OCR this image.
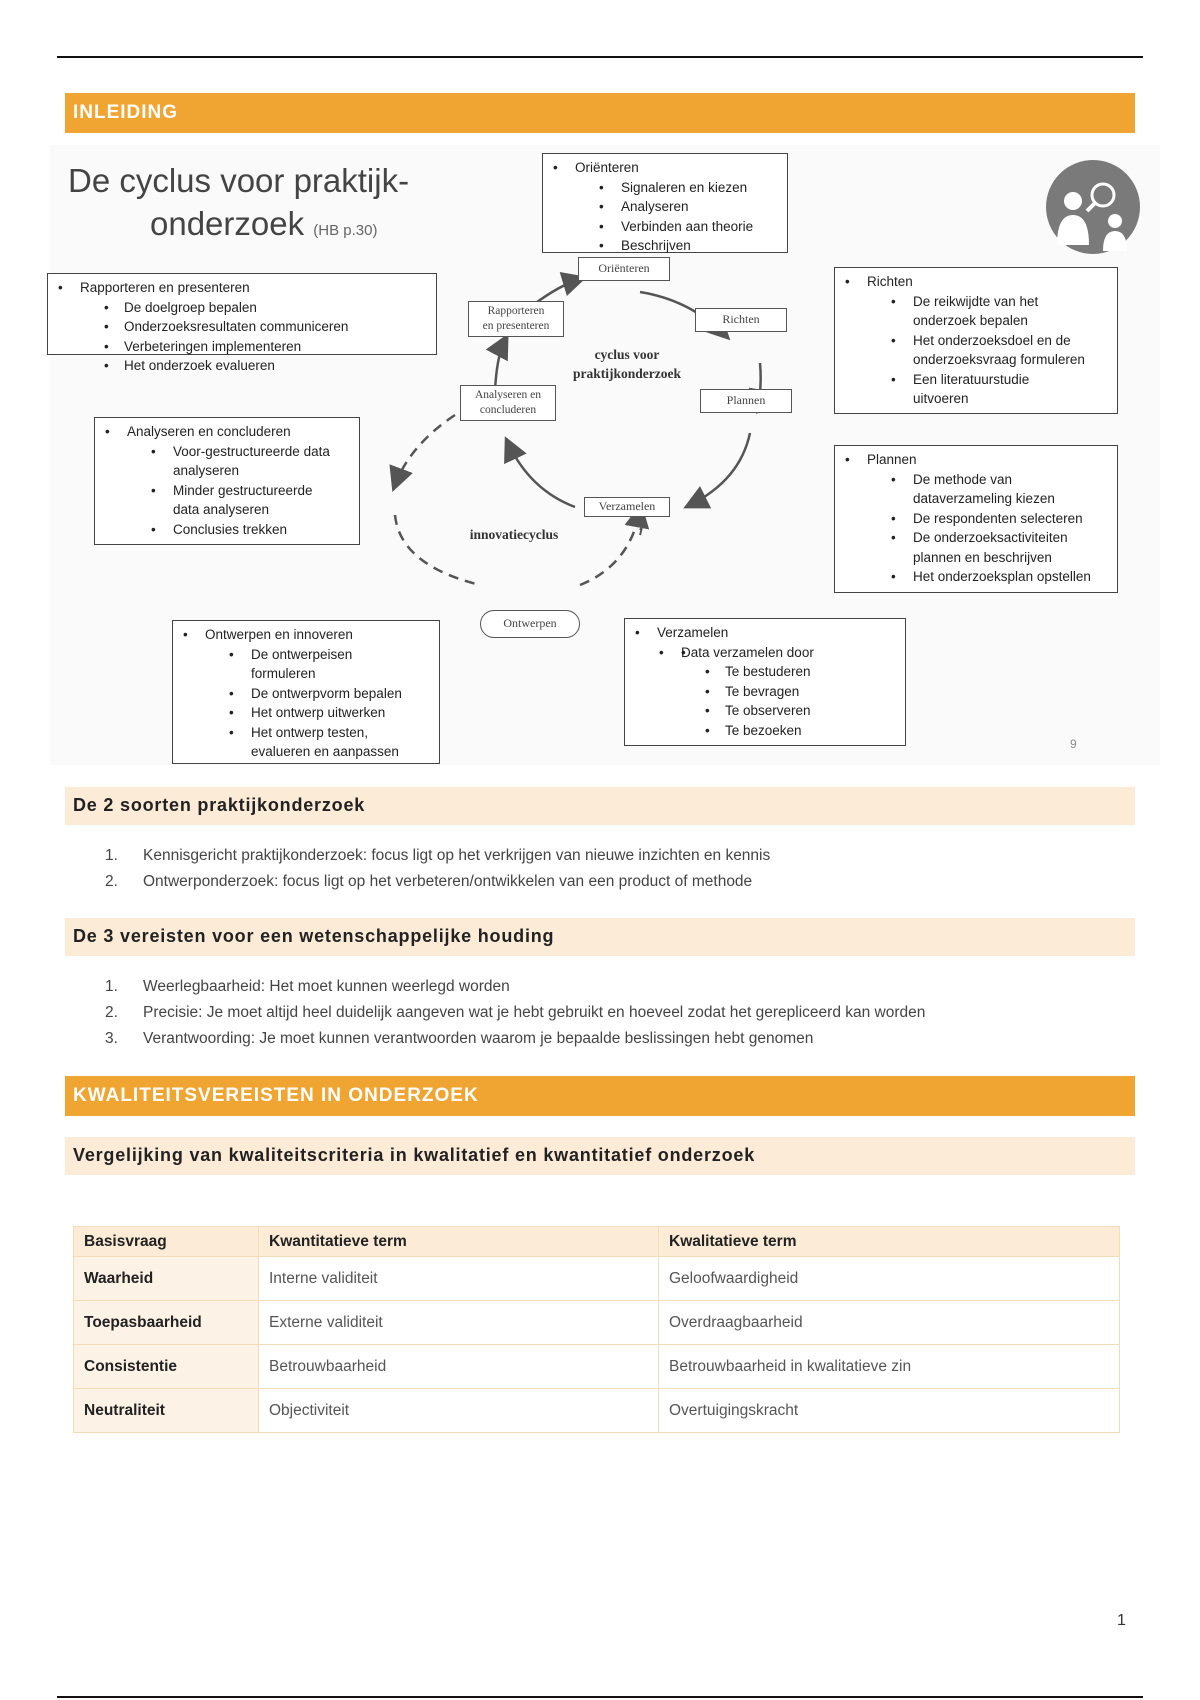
INLEIDING
De cyclus voor praktijk-
onderzoek (HB p.30)
Oriënteren
Richten
Plannen
Verzamelen
Analyseren en
concluderen
Rapporteren
en presenteren
Ontwerpen
cyclus voor
praktijkonderzoek
innovatiecyclus
• Oriënteren
• Signaleren en kiezen
• Analyseren
• Verbinden aan theorie
• Beschrijven
• Rapporteren en presenteren
• De doelgroep bepalen
• Onderzoeksresultaten communiceren
• Verbeteringen implementeren
• Het onderzoek evalueren
• Richten
• De reikwijdte van het
onderzoek bepalen
• Het onderzoeksdoel en de
onderzoeksvraag formuleren
• Een literatuurstudie
uitvoeren
• Analyseren en concluderen
• Voor-gestructureerde data
analyseren
• Minder gestructureerde
data analyseren
• Conclusies trekken
• Plannen
• De methode van
dataverzameling kiezen
• De respondenten selecteren
• De onderzoeksactiviteiten
plannen en beschrijven
• Het onderzoeksplan opstellen
• Ontwerpen en innoveren
• De ontwerpeisen
formuleren
• De ontwerpvorm bepalen
• Het ontwerp uitwerken
• Het ontwerp testen,
evalueren en aanpassen
• Verzamelen
• • Data verzamelen door
• Te bestuderen
• Te bevragen
• Te observeren
• Te bezoeken
9
De 2 soorten praktijkonderzoek
1.	Kennisgericht praktijkonderzoek: focus ligt op het verkrijgen van nieuwe inzichten en kennis
2.	Ontwerponderzoek: focus ligt op het verbeteren/ontwikkelen van een product of methode
De 3 vereisten voor een wetenschappelijke houding
1.	Weerlegbaarheid: Het moet kunnen weerlegd worden
2.	Precisie: Je moet altijd heel duidelijk aangeven wat je hebt gebruikt en hoeveel zodat het gerepliceerd kan worden
3.	Verantwoording: Je moet kunnen verantwoorden waarom je bepaalde beslissingen hebt genomen
KWALITEITSVEREISTEN IN ONDERZOEK
Vergelijking van kwaliteitscriteria in kwalitatief en kwantitatief onderzoek
Basisvraag	Kwantitatieve term	Kwalitatieve term
Waarheid	Interne validiteit	Geloofwaardigheid
Toepasbaarheid	Externe validiteit	Overdraagbaarheid
Consistentie	Betrouwbaarheid	Betrouwbaarheid in kwalitatieve zin
Neutraliteit	Objectiviteit	Overtuigingskracht
1
